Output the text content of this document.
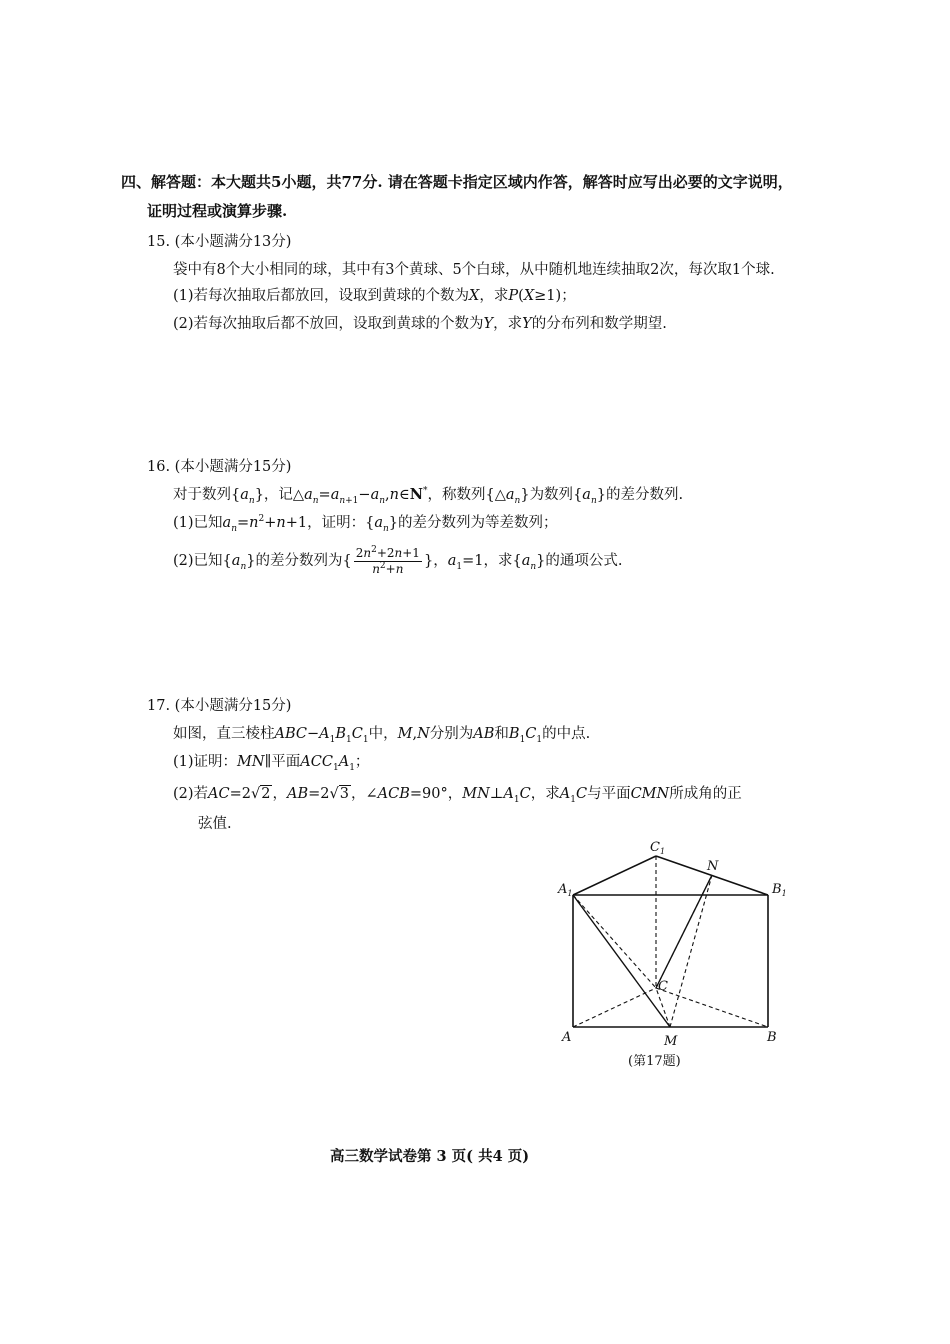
四、解答题：本大题共5小题，共77分. 请在答题卡指定区域内作答，解答时应写出必要的文字说明，
证明过程或演算步骤.
15. (本小题满分13分)
袋中有8个大小相同的球，其中有3个黄球、5个白球，从中随机地连续抽取2次，每次取1个球.
(1)若每次抽取后都放回，设取到黄球的个数为X，求P(X≥1)；
(2)若每次抽取后都不放回，设取到黄球的个数为Y，求Y的分布列和数学期望.
16. (本小题满分15分)
对于数列$\{a_n\}$，记$\triangle a_n=a_{n+1}-a_n,n\in N^*$，称数列$\{\triangle a_n\}$为数列$\{a_n\}$的差分数列.
(1)已知$a_n=n^2+n+1$，证明：$\{a_n\}$的差分数列为等差数列；
(2)已知$\{a_n\}$的差分数列为{ $\frac{2n^2+2n+1}{n^2+n}$ }，$a_1=1$，求$\{a_n\}$的通项公式.
17. (本小题满分15分)
如图，直三棱柱$ABC-A_1B_1C_1$中，M,N分别为AB和$B_1C_1$的中点.
(1)证明：MN∥平面$ACC_1A_1$；
(2)若AC=2√2 ，AB=2√3 ，∠ACB=90°，$MN\perp A_1C$，求$A_1C$与平面CMN所成角的正
弦值.
$A_1$	$B_1$
$C_1$
N
C
A	B
M
(第17题)
高三数学试卷第 3 页( 共4 页)
